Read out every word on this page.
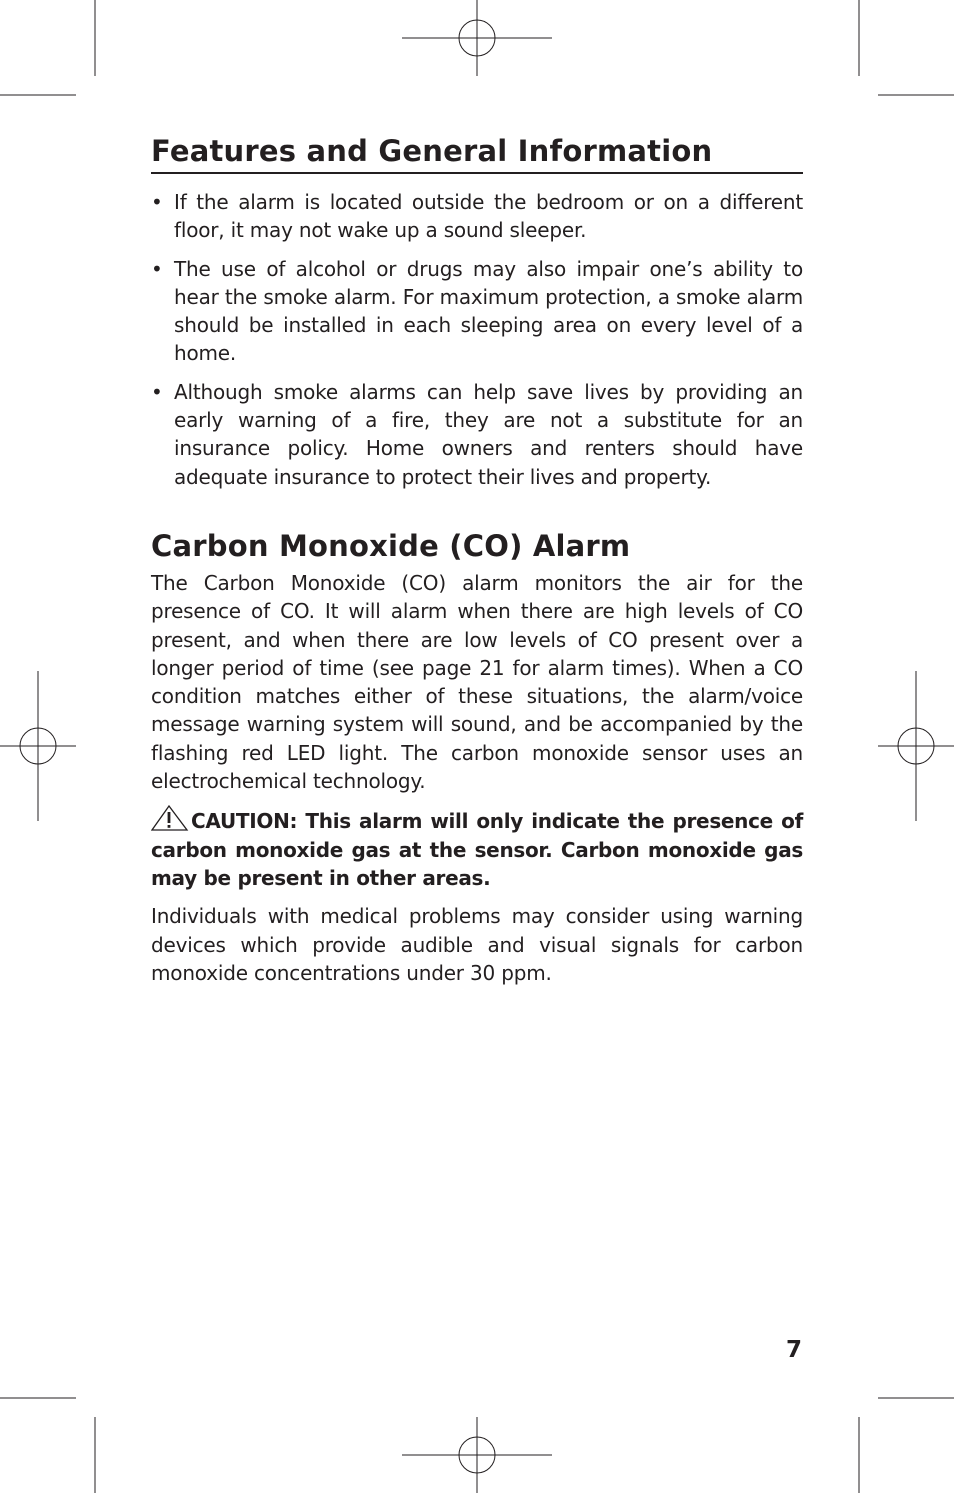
Features and General Information
• If the alarm is located outside the bedroom or on a different floor, it may not wake up a sound sleeper.
• The use of alcohol or drugs may also impair one’s ability to hear the smoke alarm. For maximum protection, a smoke alarm should be installed in each sleeping area on every level of a home.
• Although smoke alarms can help save lives by providing an early warning of a fire, they are not a substitute for an insurance policy. Home owners and renters should have adequate insurance to protect their lives and property.
Carbon Monoxide (CO) Alarm

The Carbon Monoxide (CO) alarm monitors the air for the presence of CO. It will alarm when there are high levels of CO present, and when there are low levels of CO present over a longer period of time (see page 21 for alarm times). When a CO condition matches either of these situations, the alarm/voice message warning system will sound, and be accompanied by the flashing red LED light. The carbon monoxide sensor uses an electrochemical technology.

CAUTION: This alarm will only indicate the presence of carbon monoxide gas at the sensor. Carbon monoxide gas may be present in other areas.

Individuals with medical problems may consider using warning devices which provide audible and visual signals for carbon monoxide concentrations under 30 ppm.

7
